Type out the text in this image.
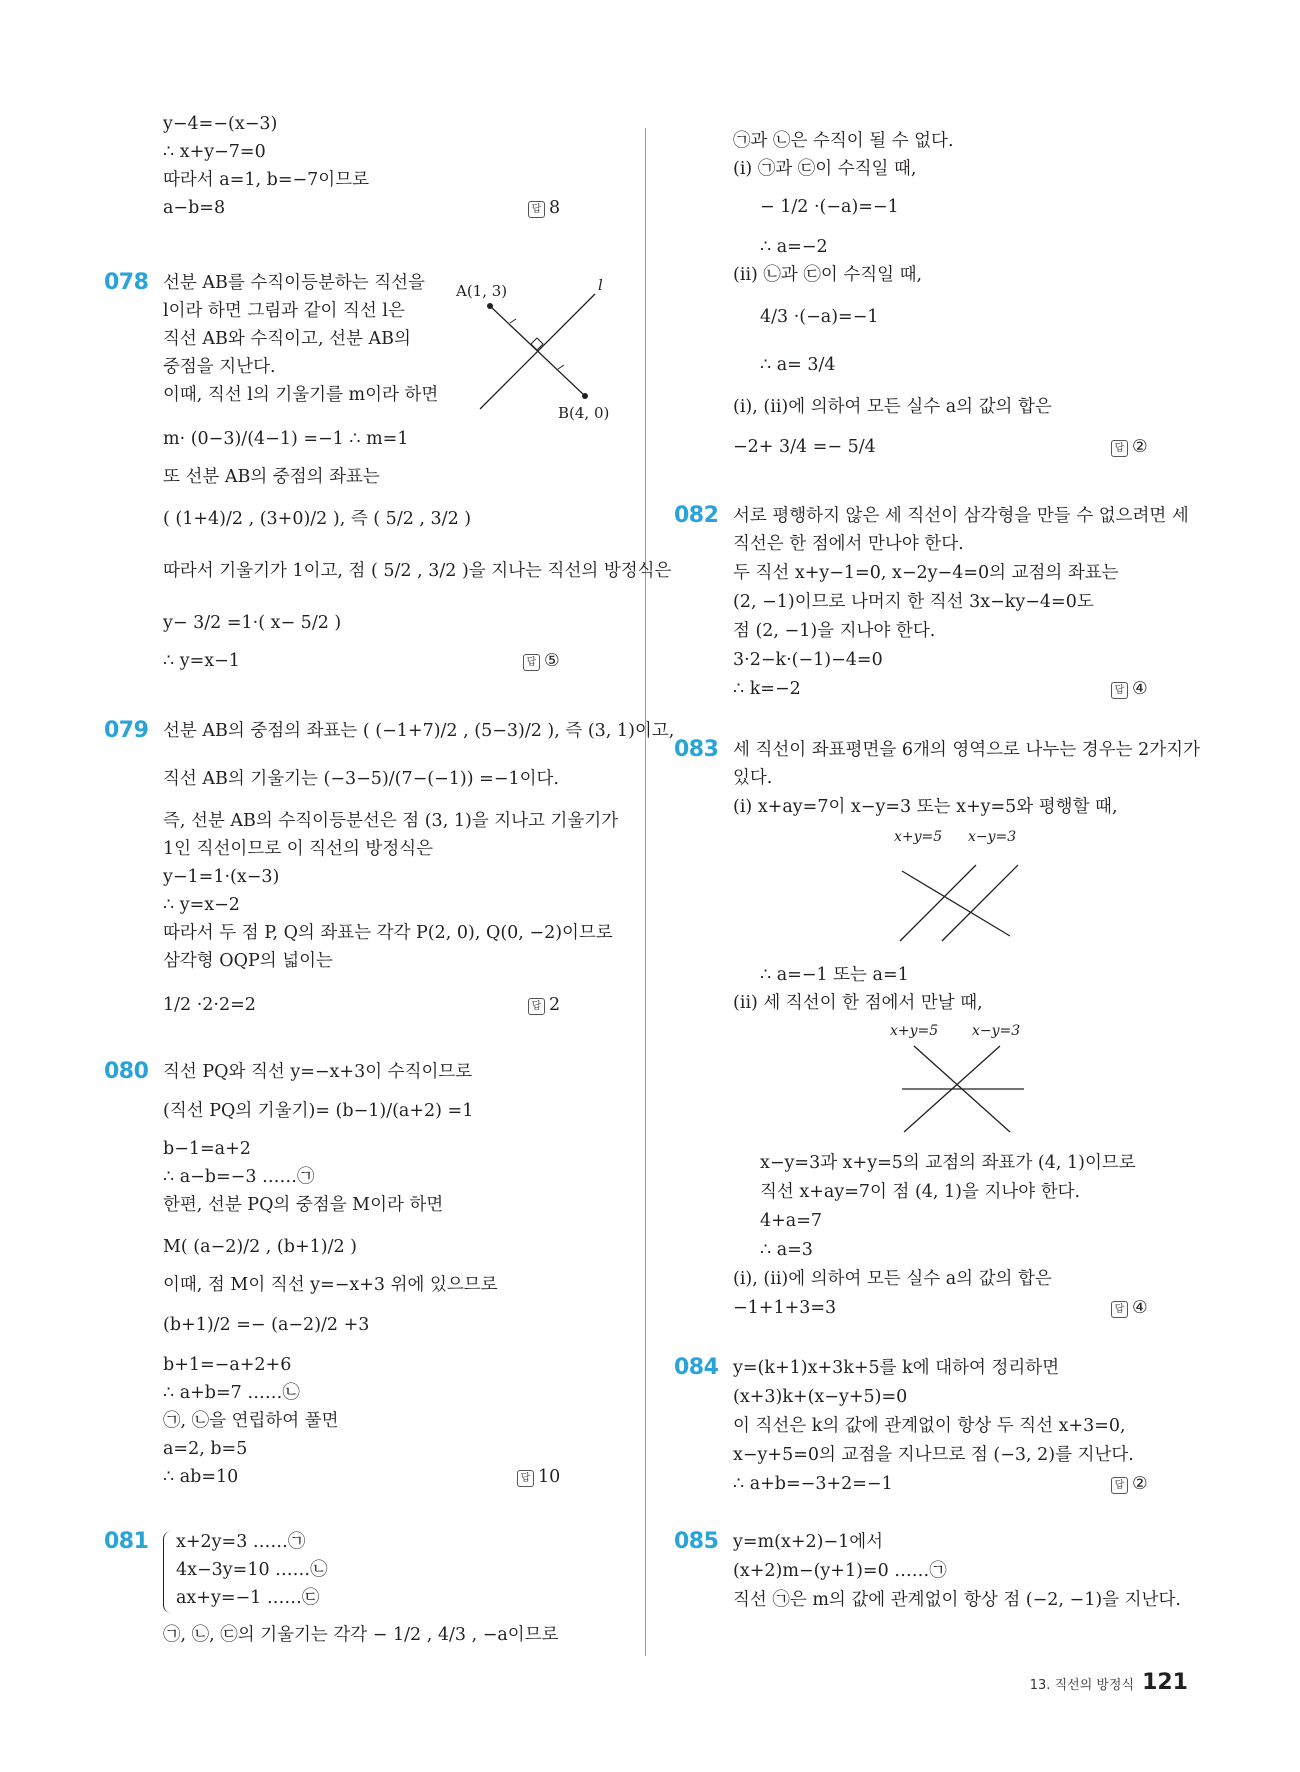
y−4=−(x−3)
∴ x+y−7=0
따라서 a=1, b=−7이므로
a−b=8	답 8
078 선분 AB를 수직이등분하는 직선을
l이라 하면 그림과 같이 직선 l은
직선 AB와 수직이고, 선분 AB의
중점을 지난다.
이때, 직선 l의 기울기를 m이라 하면
m· (0−3)/(4−1) =−1 ∴ m=1
또 선분 AB의 중점의 좌표는
( (1+4)/2 , (3+0)/2 ), 즉 ( 5/2 , 3/2 )
따라서 기울기가 1이고, 점 ( 5/2 , 3/2 )을 지나는 직선의 방정식은
y− 3/2 =1·( x− 5/2 )
∴ y=x−1	답 ⑤
A(1, 3)
B(4, 0)
l
079 선분 AB의 중점의 좌표는 ( (−1+7)/2 , (5−3)/2 ), 즉 (3, 1)이고,
직선 AB의 기울기는 (−3−5)/(7−(−1)) =−1이다.
즉, 선분 AB의 수직이등분선은 점 (3, 1)을 지나고 기울기가
1인 직선이므로 이 직선의 방정식은
y−1=1·(x−3)
∴ y=x−2
따라서 두 점 P, Q의 좌표는 각각 P(2, 0), Q(0, −2)이므로
삼각형 OQP의 넓이는
1/2 ·2·2=2	답 2
080 직선 PQ와 직선 y=−x+3이 수직이므로
(직선 PQ의 기울기)= (b−1)/(a+2) =1
b−1=a+2
∴ a−b=−3 ……㉠
한편, 선분 PQ의 중점을 M이라 하면
M( (a−2)/2 , (b+1)/2 )
이때, 점 M이 직선 y=−x+3 위에 있으므로
(b+1)/2 =− (a−2)/2 +3
b+1=−a+2+6
∴ a+b=7 ……㉡
㉠, ㉡을 연립하여 풀면
a=2, b=5
∴ ab=10	답 10
081 x+2y=3 ……㉠
4x−3y=10 ……㉡
ax+y=−1 ……㉢
㉠, ㉡, ㉢의 기울기는 각각 − 1/2 , 4/3 , −a이므로
㉠과 ㉡은 수직이 될 수 없다.
(ⅰ) ㉠과 ㉢이 수직일 때,
− 1/2 ·(−a)=−1
∴ a=−2
(ⅱ) ㉡과 ㉢이 수직일 때,
4/3 ·(−a)=−1
∴ a= 3/4
(ⅰ), (ⅱ)에 의하여 모든 실수 a의 값의 합은
−2+ 3/4 =− 5/4	답 ②
082 서로 평행하지 않은 세 직선이 삼각형을 만들 수 없으려면 세
직선은 한 점에서 만나야 한다.
두 직선 x+y−1=0, x−2y−4=0의 교점의 좌표는
(2, −1)이므로 나머지 한 직선 3x−ky−4=0도
점 (2, −1)을 지나야 한다.
3·2−k·(−1)−4=0
∴ k=−2	답 ④
083 세 직선이 좌표평면을 6개의 영역으로 나누는 경우는 2가지가
있다.
(ⅰ) x+ay=7이 x−y=3 또는 x+y=5와 평행할 때,
x+y=5 x−y=3
∴ a=−1 또는 a=1
(ⅱ) 세 직선이 한 점에서 만날 때,
x+y=5 x−y=3
x−y=3과 x+y=5의 교점의 좌표가 (4, 1)이므로
직선 x+ay=7이 점 (4, 1)을 지나야 한다.
4+a=7
∴ a=3
(ⅰ), (ⅱ)에 의하여 모든 실수 a의 값의 합은
−1+1+3=3	답 ④
084 y=(k+1)x+3k+5를 k에 대하여 정리하면
(x+3)k+(x−y+5)=0
이 직선은 k의 값에 관계없이 항상 두 직선 x+3=0,
x−y+5=0의 교점을 지나므로 점 (−3, 2)를 지난다.
∴ a+b=−3+2=−1	답 ②
085 y=m(x+2)−1에서
(x+2)m−(y+1)=0 ……㉠
직선 ㉠은 m의 값에 관계없이 항상 점 (−2, −1)을 지난다.
13. 직선의 방정식 121
